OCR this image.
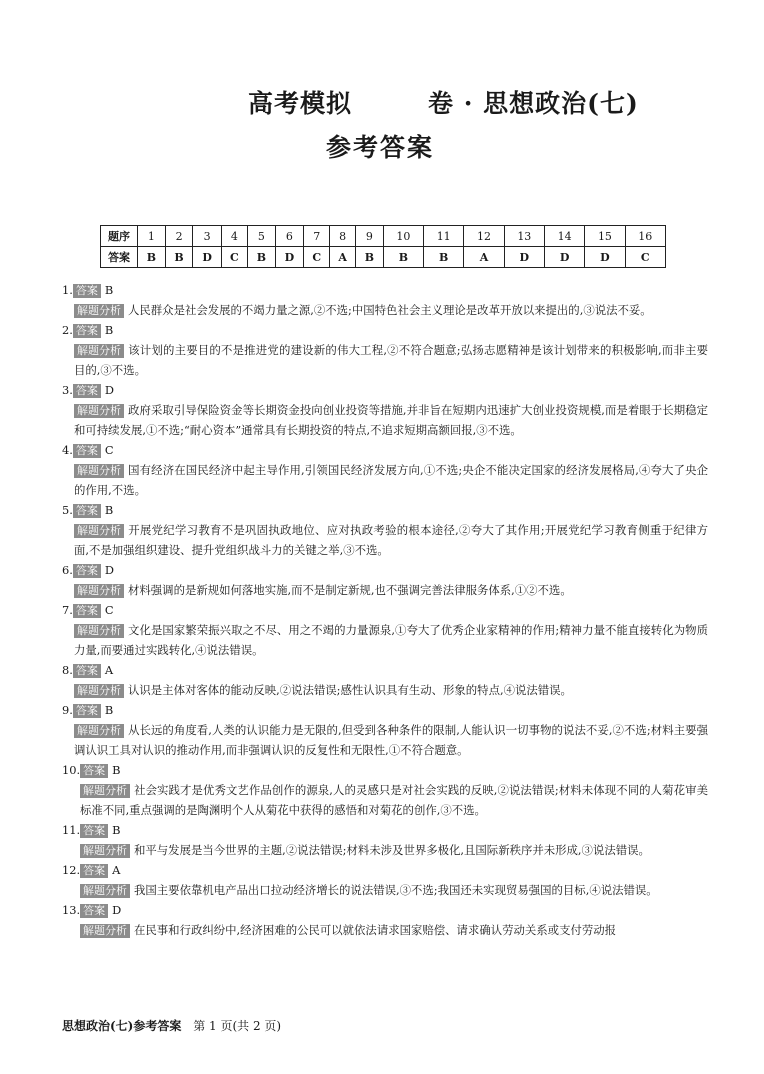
高考模拟	卷 · 思想政治(七)
参考答案
题序	1	2	3	4	5	6	7	8	9	10	11	12	13	14	15	16
答案	B	B	D	C	B	D	C	A	B	B	B	A	D	D	D	C
1. 答案 B
解题分析 人民群众是社会发展的不竭力量之源,②不选;中国特色社会主义理论是改革开放以来提出的,③说法不妥。
2. 答案 B
解题分析 该计划的主要目的不是推进党的建设新的伟大工程,②不符合题意;弘扬志愿精神是该计划带来的积极影响,而非主要目的,③不选。
3. 答案 D
解题分析 政府采取引导保险资金等长期资金投向创业投资等措施,并非旨在短期内迅速扩大创业投资规模,而是着眼于长期稳定和可持续发展,①不选;“耐心资本”通常具有长期投资的特点,不追求短期高额回报,③不选。
4. 答案 C
解题分析 国有经济在国民经济中起主导作用,引领国民经济发展方向,①不选;央企不能决定国家的经济发展格局,④夸大了央企的作用,不选。
5. 答案 B
解题分析 开展党纪学习教育不是巩固执政地位、应对执政考验的根本途径,②夸大了其作用;开展党纪学习教育侧重于纪律方面,不是加强组织建设、提升党组织战斗力的关键之举,③不选。
6. 答案 D
解题分析 材料强调的是新规如何落地实施,而不是制定新规,也不强调完善法律服务体系,①②不选。
7. 答案 C
解题分析 文化是国家繁荣振兴取之不尽、用之不竭的力量源泉,①夸大了优秀企业家精神的作用;精神力量不能直接转化为物质力量,而要通过实践转化,④说法错误。
8. 答案 A
解题分析 认识是主体对客体的能动反映,②说法错误;感性认识具有生动、形象的特点,④说法错误。
9. 答案 B
解题分析 从长远的角度看,人类的认识能力是无限的,但受到各种条件的限制,人能认识一切事物的说法不妥,②不选;材料主要强调认识工具对认识的推动作用,而非强调认识的反复性和无限性,①不符合题意。
10. 答案 B
解题分析 社会实践才是优秀文艺作品创作的源泉,人的灵感只是对社会实践的反映,②说法错误;材料未体现不同的人菊花审美标准不同,重点强调的是陶渊明个人从菊花中获得的感悟和对菊花的创作,③不选。
11. 答案 B
解题分析 和平与发展是当今世界的主题,②说法错误;材料未涉及世界多极化,且国际新秩序并未形成,③说法错误。
12. 答案 A
解题分析 我国主要依靠机电产品出口拉动经济增长的说法错误,③不选;我国还未实现贸易强国的目标,④说法错误。
13. 答案 D
解题分析 在民事和行政纠纷中,经济困难的公民可以就依法请求国家赔偿、请求确认劳动关系或支付劳动报
思想政治(七)参考答案 第 1 页(共 2 页)
